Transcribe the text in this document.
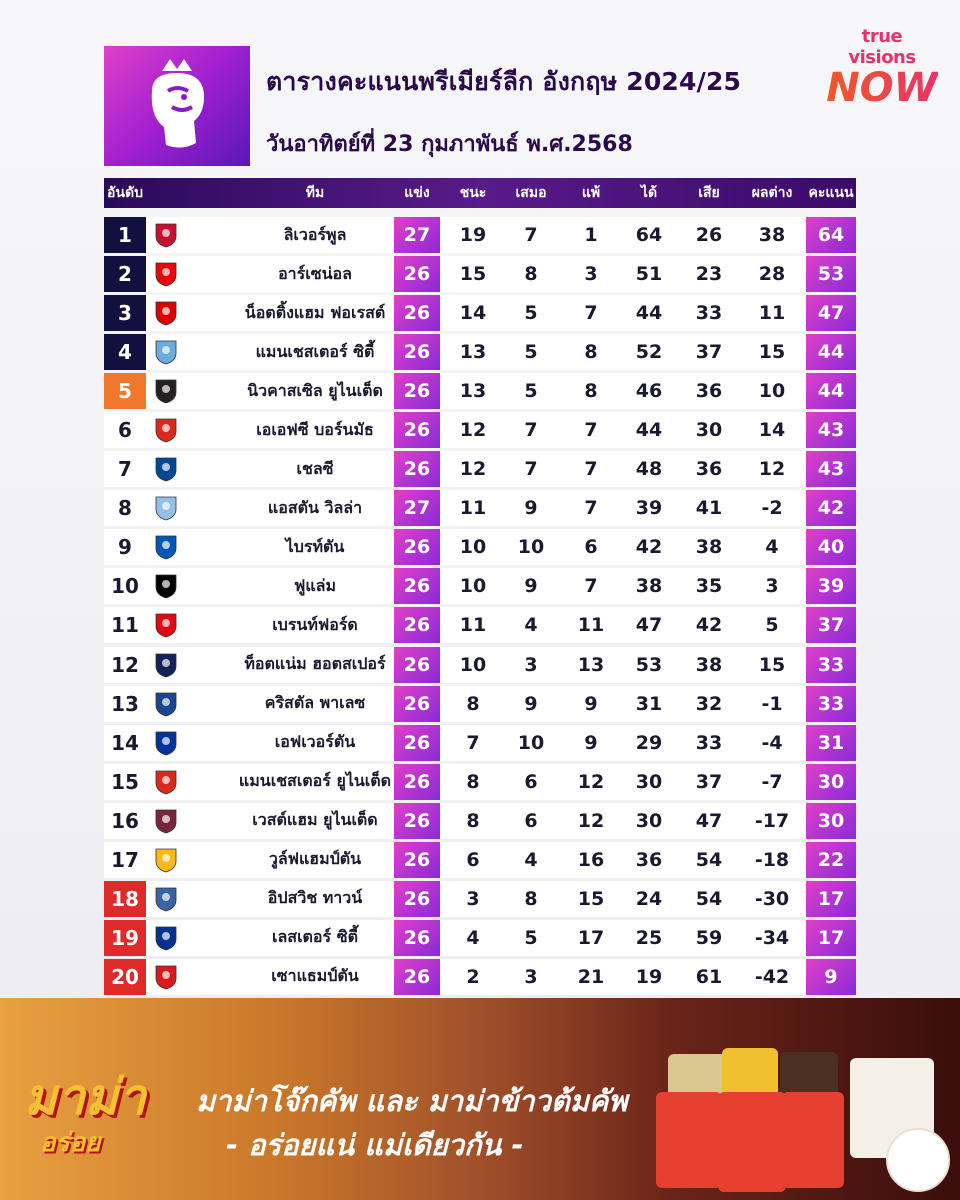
ตารางคะแนนพรีเมียร์ลีก อังกฤษ 2024/25
วันอาทิตย์ที่ 23 กุมภาพันธ์ พ.ศ.2568
true visions
NOW
อันดับ	ทีม	แข่ง	ชนะ	เสมอ	แพ้	ได้	เสีย	ผลต่าง	คะแนน
1	ลิเวอร์พูล	27	19	7	1	64	26	38	64
2	อาร์เซน่อล	26	15	8	3	51	23	28	53
3	น็อตติ้งแฮม ฟอเรสต์ 26	14	5	7	44	33	11	47
4	แมนเชสเตอร์ ซิตี้	26	13	5	8	52	37	15	44
5	นิวคาสเซิล ยูไนเต็ด	26	13	5	8	46	36	10	44
6	เอเอฟซี บอร์นมัธ	26	12	7	7	44	30	14	43
7	เชลซี	26	12	7	7	48	36	12	43
8	แอสตัน วิลล่า	27	11	9	7	39	41	-2	42
9	ไบรท์ตัน	26	10	10	6	42	38	4	40
10	ฟูแล่ม	26	10	9	7	38	35	3	39
11	เบรนท์ฟอร์ด	26	11	4	11	47	42	5	37
12	ท็อตแน่ม ฮอตสเปอร์ 26	10	3	13	53	38	15	33
13	คริสตัล พาเลซ	26	8	9	9	31	32	-1	33
14	เอฟเวอร์ตัน	26	7	10	9	29	33	-4	31
15	แมนเชสเตอร์ ยูไนเต็ด 26	8	6	12	30	37	-7	30
16	เวสต์แฮม ยูไนเต็ด	26	8	6	12	30	47	-17	30
17	วูล์ฟแฮมป์ตัน	26	6	4	16	36	54	-18	22
18	อิปสวิช ทาวน์	26	3	8	15	24	54	-30	17
19	เลสเตอร์ ซิตี้	26	4	5	17	25	59	-34	17
20	เซาแธมป์ตัน	26	2	3	21	19	61	-42	9
มาม่า
อร่อย
มาม่าโจ๊กคัพ และ มาม่าข้าวต้มคัพ
- อร่อยแน่ แม่เดียวกัน -
